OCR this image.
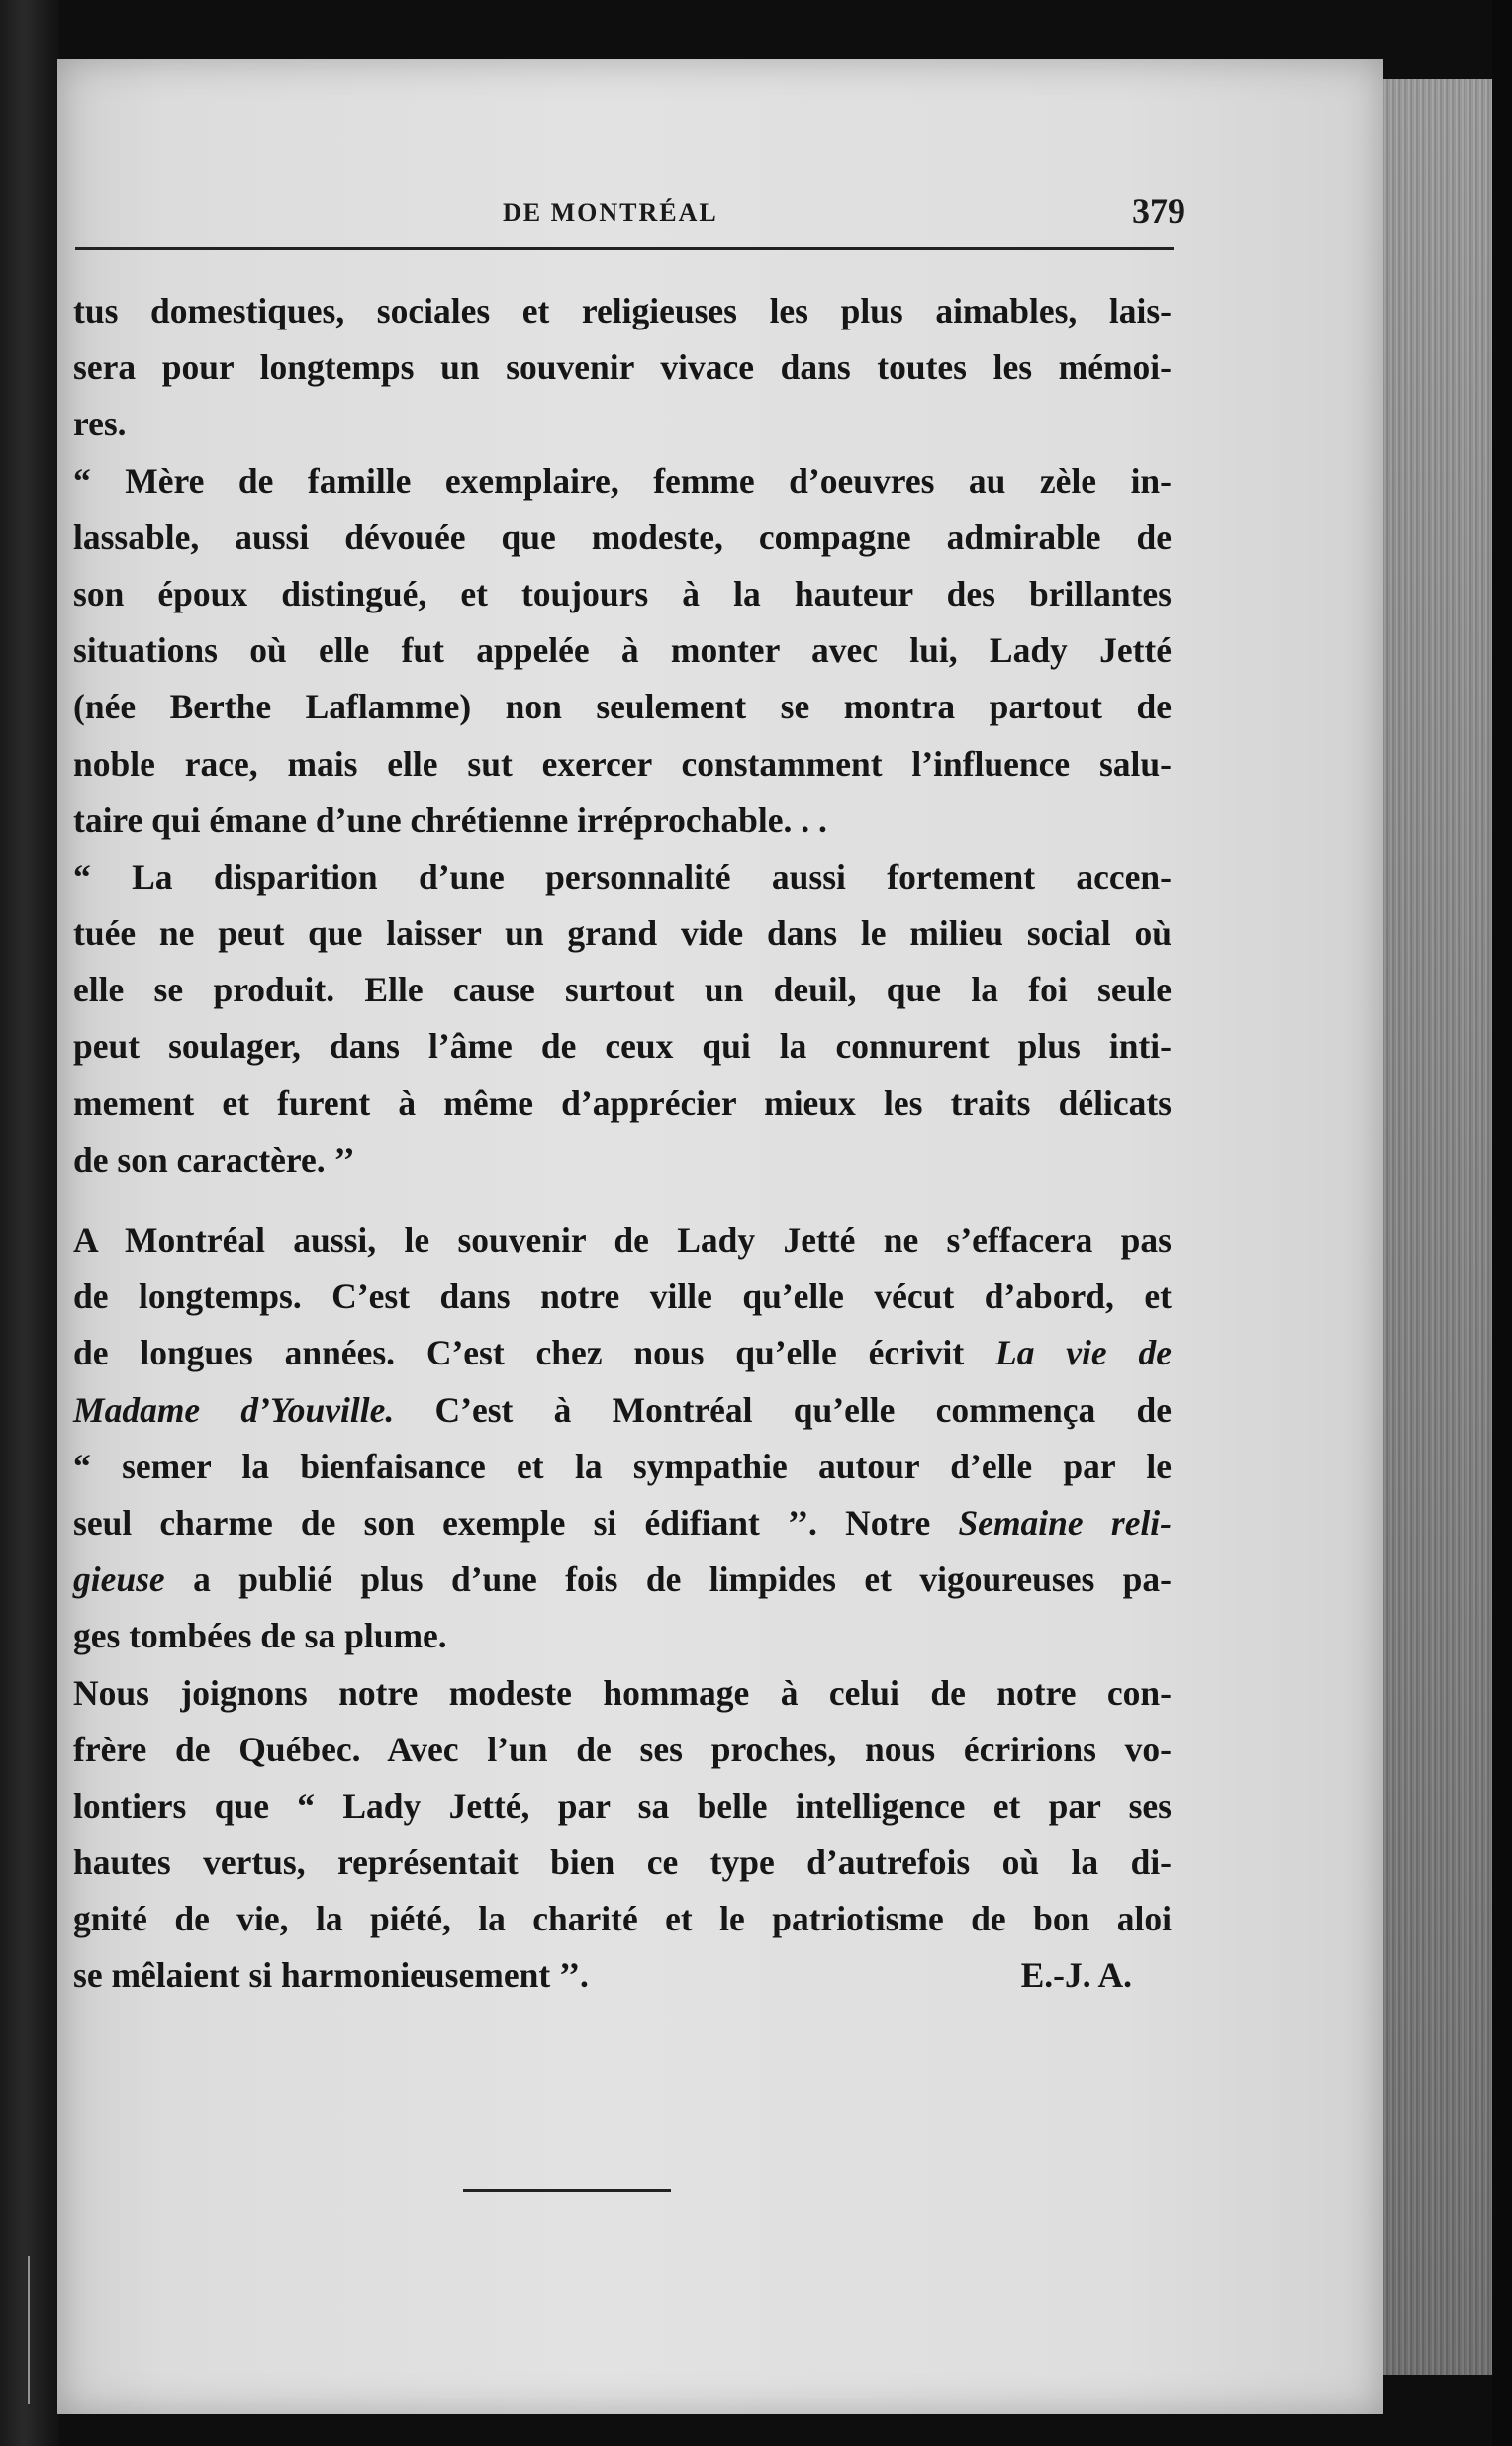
DE MONTRÉAL	379
tus domestiques, sociales et religieuses les plus aimables, lais-
sera pour longtemps un souvenir vivace dans toutes les mémoi-
res.
“ Mère de famille exemplaire, femme d’oeuvres au zèle in-
lassable, aussi dévouée que modeste, compagne admirable de
son époux distingué, et toujours à la hauteur des brillantes
situations où elle fut appelée à monter avec lui, Lady Jetté
(née Berthe Laflamme) non seulement se montra partout de
noble race, mais elle sut exercer constamment l’influence salu-
taire qui émane d’une chrétienne irréprochable. . .
“ La disparition d’une personnalité aussi fortement accen-
tuée ne peut que laisser un grand vide dans le milieu social où
elle se produit. Elle cause surtout un deuil, que la foi seule
peut soulager, dans l’âme de ceux qui la connurent plus inti-
mement et furent à même d’apprécier mieux les traits délicats
de son caractère. ’’
A Montréal aussi, le souvenir de Lady Jetté ne s’effacera pas
de longtemps. C’est dans notre ville qu’elle vécut d’abord, et
de longues années. C’est chez nous qu’elle écrivit La vie de
Madame d’Youville. C’est à Montréal qu’elle commença de
“ semer la bienfaisance et la sympathie autour d’elle par le
seul charme de son exemple si édifiant ’’. Notre Semaine reli-
gieuse a publié plus d’une fois de limpides et vigoureuses pa-
ges tombées de sa plume.
Nous joignons notre modeste hommage à celui de notre con-
frère de Québec. Avec l’un de ses proches, nous écririons vo-
lontiers que “ Lady Jetté, par sa belle intelligence et par ses
hautes vertus, représentait bien ce type d’autrefois où la di-
gnité de vie, la piété, la charité et le patriotisme de bon aloi
se mêlaient si harmonieusement ’’.	E.-J. A.
